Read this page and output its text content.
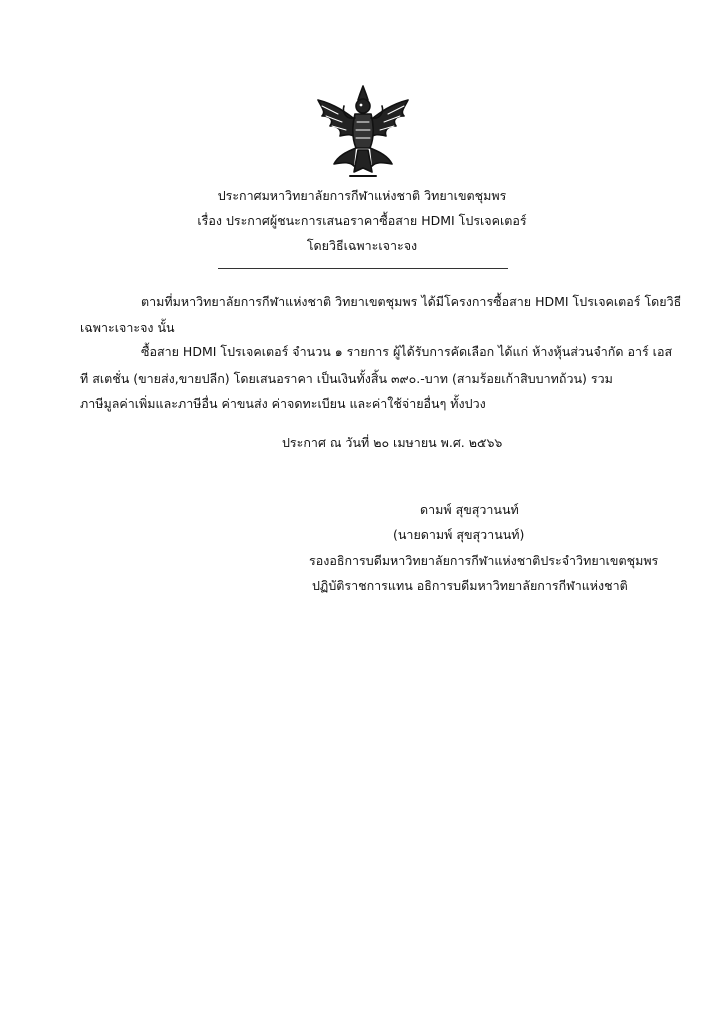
ประกาศมหาวิทยาลัยการกีฬาแห่งชาติ วิทยาเขตชุมพร
เรื่อง ประกาศผู้ชนะการเสนอราคาซื้อสาย HDMI โปรเจคเตอร์
โดยวิธีเฉพาะเจาะจง
ตามที่มหาวิทยาลัยการกีฬาแห่งชาติ วิทยาเขตชุมพร ได้มีโครงการซื้อสาย HDMI โปรเจคเตอร์ โดยวิธี
เฉพาะเจาะจง นั้น
ซื้อสาย HDMI โปรเจคเตอร์ จำนวน ๑ รายการ ผู้ได้รับการคัดเลือก ได้แก่ ห้างหุ้นส่วนจำกัด อาร์ เอส
ที สเตชั่น (ขายส่ง,ขายปลีก) โดยเสนอราคา เป็นเงินทั้งสิ้น ๓๙๐.-บาท (สามร้อยเก้าสิบบาทถ้วน) รวม
ภาษีมูลค่าเพิ่มและภาษีอื่น ค่าขนส่ง ค่าจดทะเบียน และค่าใช้จ่ายอื่นๆ ทั้งปวง
ประกาศ ณ วันที่ ๒๐ เมษายน พ.ศ. ๒๕๖๖
ดามพ์ สุขสุวานนท์
(นายดามพ์ สุขสุวานนท์)
รองอธิการบดีมหาวิทยาลัยการกีฬาแห่งชาติประจำวิทยาเขตชุมพร
ปฏิบัติราชการแทน อธิการบดีมหาวิทยาลัยการกีฬาแห่งชาติ
